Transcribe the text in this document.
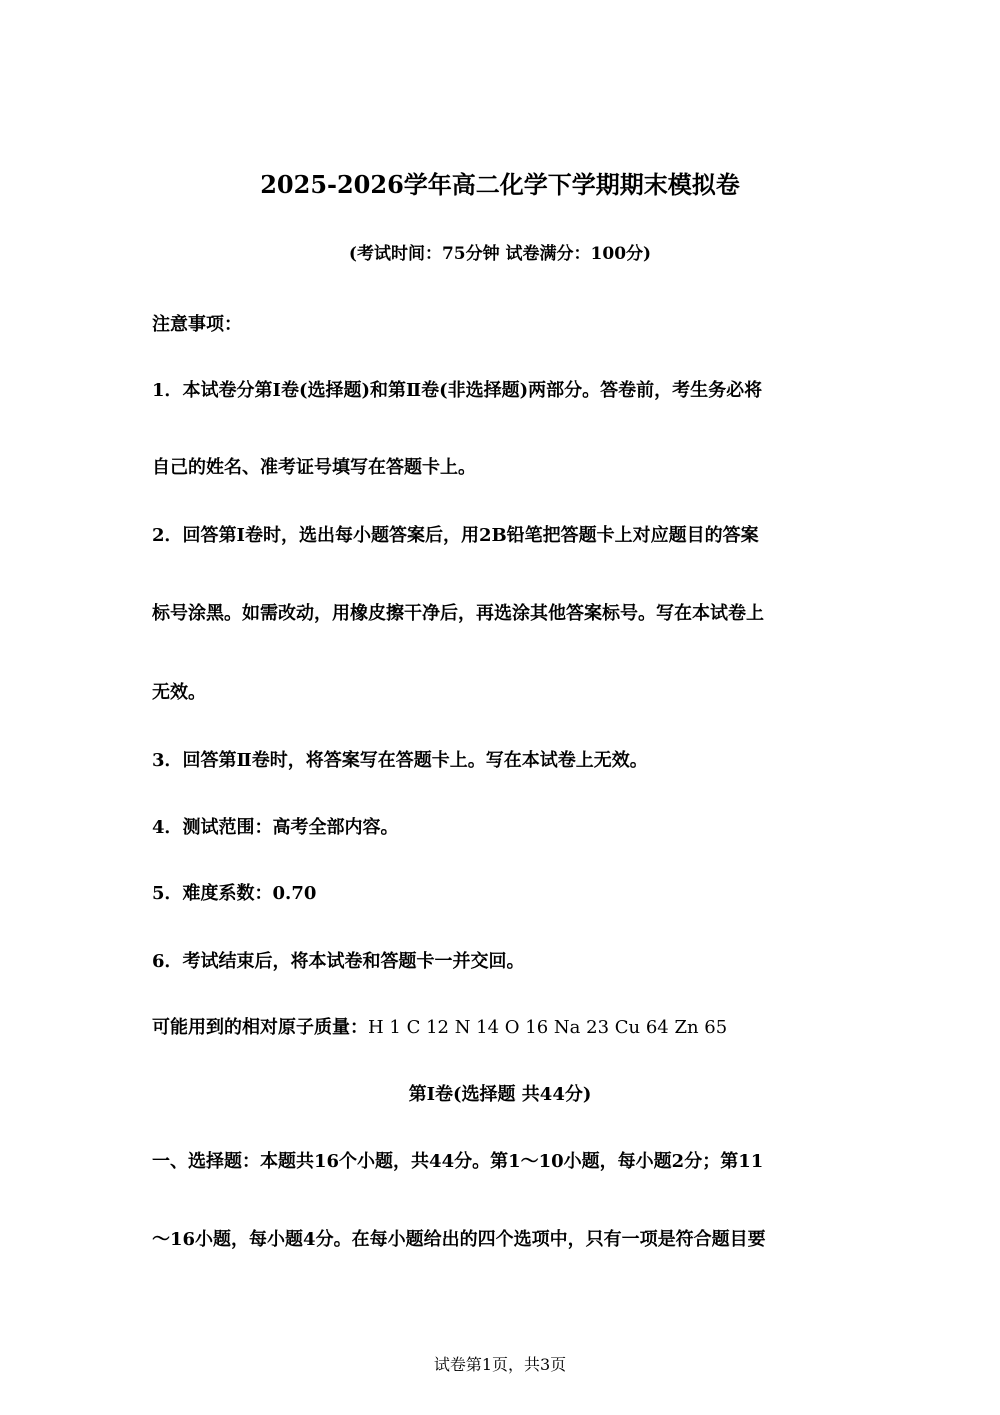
2025-2026学年高二化学下学期期末模拟卷
(考试时间：75分钟 试卷满分：100分)
注意事项：
1．本试卷分第Ⅰ卷(选择题)和第Ⅱ卷(非选择题)两部分。答卷前，考生务必将
自己的姓名、准考证号填写在答题卡上。
2．回答第Ⅰ卷时，选出每小题答案后，用2B铅笔把答题卡上对应题目的答案
标号涂黑。如需改动，用橡皮擦干净后，再选涂其他答案标号。写在本试卷上
无效。
3．回答第Ⅱ卷时，将答案写在答题卡上。写在本试卷上无效。
4．测试范围：高考全部内容。
5．难度系数：0.70
6．考试结束后，将本试卷和答题卡一并交回。
可能用到的相对原子质量：H 1 C 12 N 14 O 16 Na 23 Cu 64 Zn 65
第Ⅰ卷(选择题 共44分)
一、选择题：本题共16个小题，共44分。第1～10小题，每小题2分；第11
～16小题，每小题4分。在每小题给出的四个选项中，只有一项是符合题目要
试卷第1页，共3页
